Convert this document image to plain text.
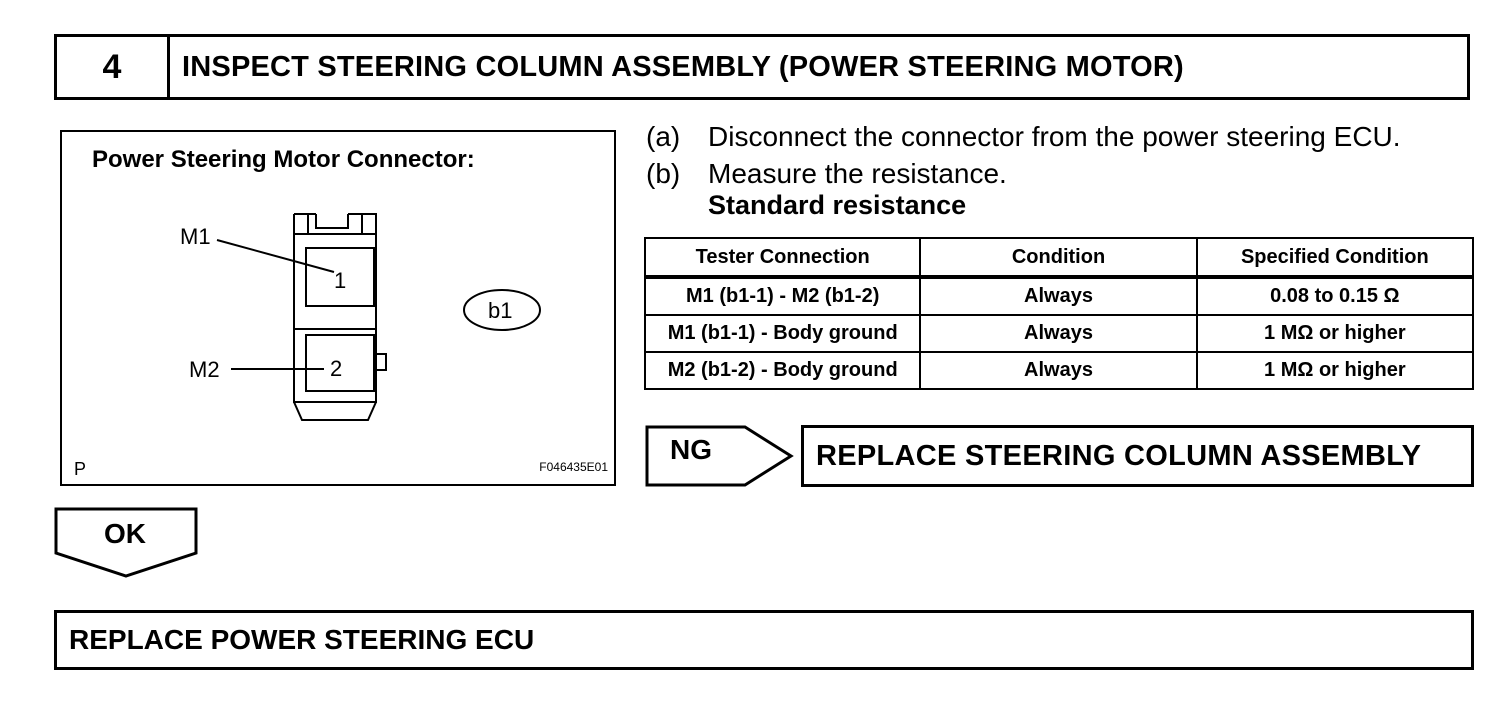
4	INSPECT STEERING COLUMN ASSEMBLY (POWER STEERING MOTOR)
M1
M2
1
2
b1
Power Steering Motor Connector:
P	F046435E01
(a) Disconnect the connector from the power steering ECU.
(b) Measure the resistance.
Standard resistance
Tester Connection	Condition	Specified Condition
M1 (b1-1) - M2 (b1-2)	Always	0.08 to 0.15 Ω
M1 (b1-1) - Body ground	Always	1 MΩ or higher
M2 (b1-2) - Body ground	Always	1 MΩ or higher
NG	REPLACE STEERING COLUMN ASSEMBLY
OK
REPLACE POWER STEERING ECU
